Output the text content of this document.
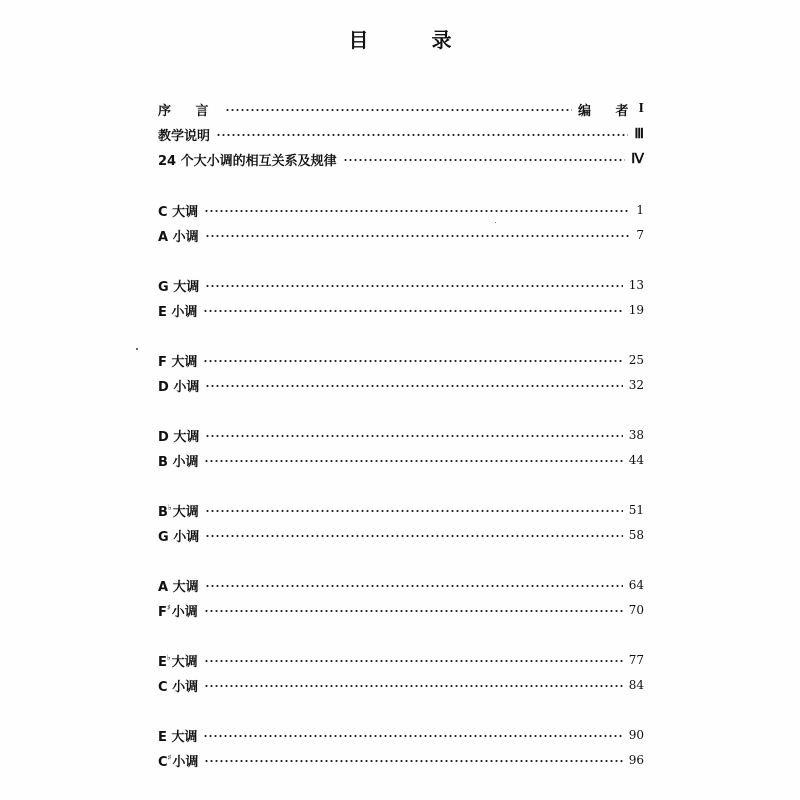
目 录
序 言	编 者 I
教学说明	Ⅲ
24 个大小调的相互关系及规律	Ⅳ
C 大调	1
A 小调	7
G 大调	13
E 小调	19
F 大调	25
D 小调	32
D 大调	38
B 小调	44
B♭大调	51
G 小调	58
A 大调	64
F♯小调	70
E♭大调	77
C 小调	84
E 大调	90
C♯小调	96
